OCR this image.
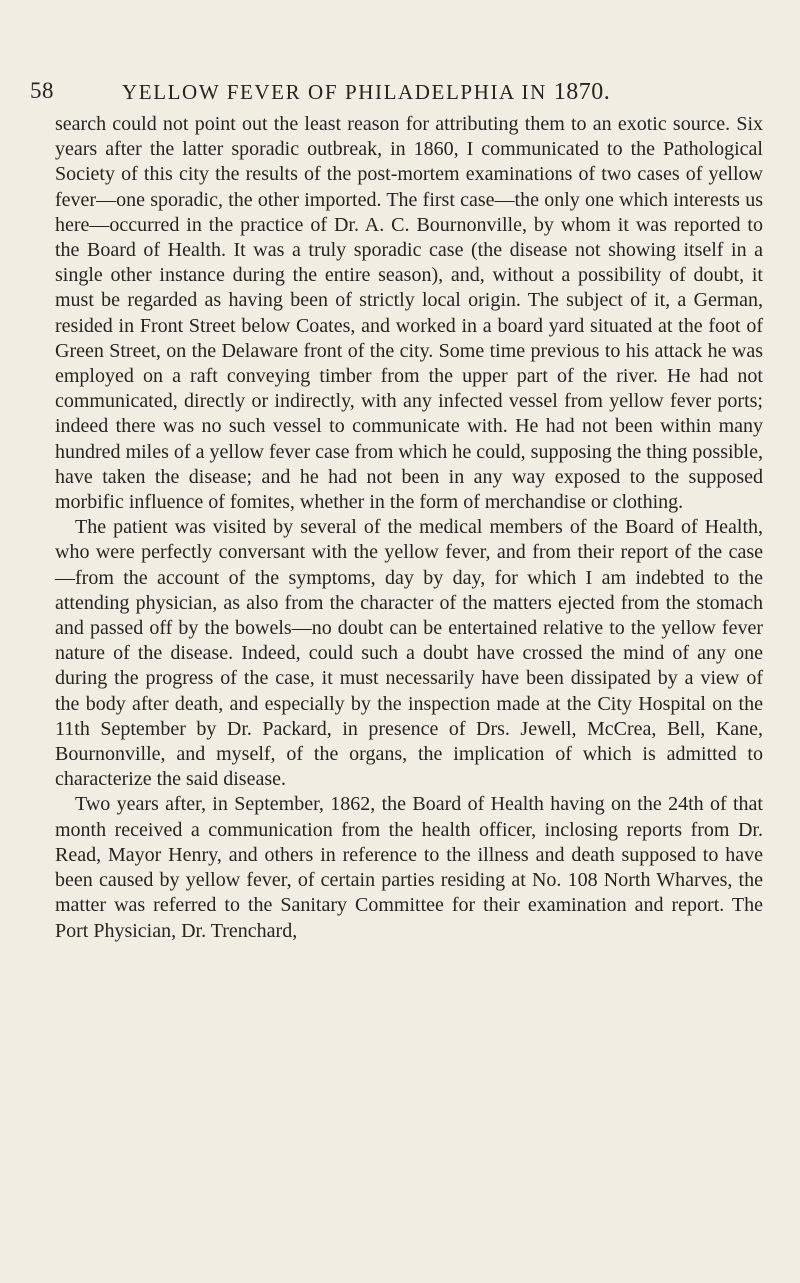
58	YELLOW FEVER OF PHILADELPHIA IN 1870.

search could not point out the least reason for attributing them to an exotic source. Six years after the latter sporadic outbreak, in 1860, I communicated to the Pathological Society of this city the results of the post-mortem examinations of two cases of yellow fever—one sporadic, the other imported. The first case—the only one which interests us here—occurred in the practice of Dr. A. C. Bournonville, by whom it was reported to the Board of Health. It was a truly sporadic case (the disease not showing itself in a single other instance during the entire season), and, without a possibility of doubt, it must be regarded as having been of strictly local origin. The subject of it, a German, resided in Front Street below Coates, and worked in a board yard situated at the foot of Green Street, on the Delaware front of the city. Some time previous to his attack he was employed on a raft conveying timber from the upper part of the river. He had not communicated, directly or indirectly, with any infected vessel from yellow fever ports; indeed there was no such vessel to communicate with. He had not been within many hundred miles of a yellow fever case from which he could, supposing the thing possible, have taken the disease; and he had not been in any way exposed to the supposed morbific influence of fomites, whether in the form of merchandise or clothing.

The patient was visited by several of the medical members of the Board of Health, who were perfectly conversant with the yellow fever, and from their report of the case—from the account of the symptoms, day by day, for which I am indebted to the attending physician, as also from the character of the matters ejected from the stomach and passed off by the bowels—no doubt can be entertained relative to the yellow fever nature of the disease. Indeed, could such a doubt have crossed the mind of any one during the progress of the case, it must necessarily have been dissipated by a view of the body after death, and especially by the inspection made at the City Hospital on the 11th September by Dr. Packard, in presence of Drs. Jewell, McCrea, Bell, Kane, Bournonville, and myself, of the organs, the implication of which is admitted to characterize the said disease.

Two years after, in September, 1862, the Board of Health having on the 24th of that month received a communication from the health officer, inclosing reports from Dr. Read, Mayor Henry, and others in reference to the illness and death supposed to have been caused by yellow fever, of certain parties residing at No. 108 North Wharves, the matter was referred to the Sanitary Committee for their examination and report. The Port Physician, Dr. Trenchard,
